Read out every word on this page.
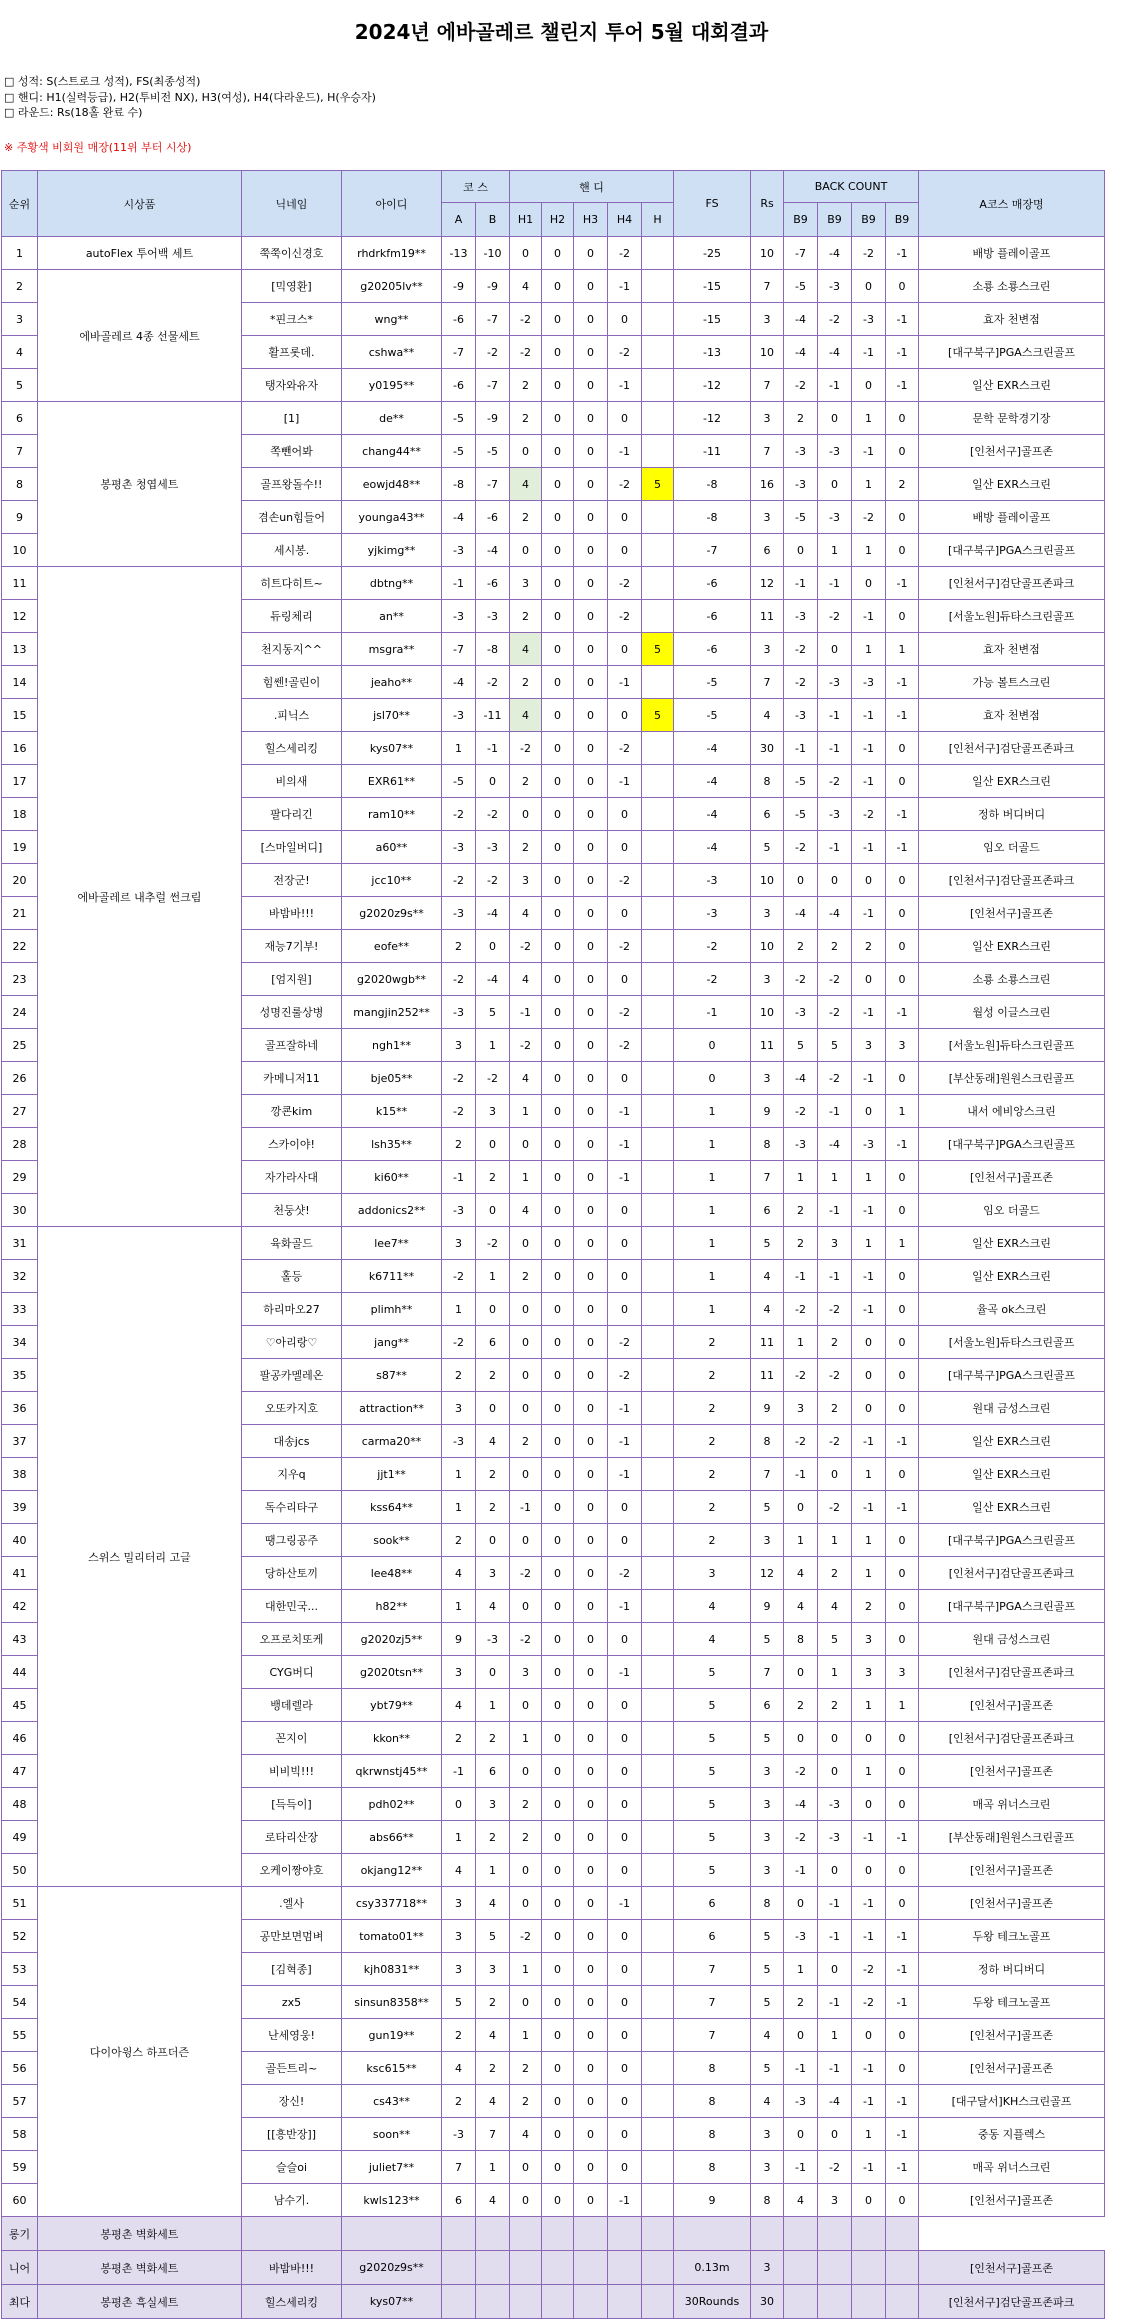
2024년 에바골레르 챌린지 투어 5월 대회결과
□ 성적: S(스트로크 성적), FS(최종성적)
□ 핸디: H1(실력등급), H2(투비전 NX), H3(여성), H4(다라운드), H(우승자)
□ 라운드: Rs(18홀 완료 수)
※ 주황색 비회원 매장(11위 부터 시상)
순위	시상품	닉네임	아이디	코 스		핸 디					FS	Rs	BACK COUNT				A코스 매장명
				A	B	H1	H2	H3	H4	H			B9	B9	B9	B9	
1	autoFlex 투어백 세트	쭉쭉이신경호	rhdrkfm19**	-13	-10	0	0	0	-2		-25	10	-7	-4	-2	-1	배방 플레이골프
2	에바골레르 4종 선물세트	[믹영환]	g20205lv**	-9	-9	4	0	0	-1		-15	7	-5	-3	0	0	소룡 소룡스크린
3		*핀크스*	wng**	-6	-7	-2	0	0	0		-15	3	-4	-2	-3	-1	효자 천변점
4		활프롯데.	cshwa**	-7	-2	-2	0	0	-2		-13	10	-4	-4	-1	-1	[대구북구]PGA스크린골프
5		탱자와유자	y0195**	-6	-7	2	0	0	-1		-12	7	-2	-1	0	-1	일산 EXR스크린
6	봉평촌 청엽세트	[1]	de**	-5	-9	2	0	0	0		-12	3	2	0	1	0	문학 문학경기장
7		쪽뺀어봐	chang44**	-5	-5	0	0	0	-1		-11	7	-3	-3	-1	0	[인천서구]골프존
8		골프왕돌수!!	eowjd48**	-8	-7	4	0	0	-2	5	-8	16	-3	0	1	2	일산 EXR스크린
9		겸손un힘들어	younga43**	-4	-6	2	0	0	0		-8	3	-5	-3	-2	0	배방 플레이골프
10		세시봉.	yjkimg**	-3	-4	0	0	0	0		-7	6	0	1	1	0	[대구북구]PGA스크린골프
11	에바골레르 내추럴 썬크림	히트다히트~	dbtng**	-1	-6	3	0	0	-2		-6	12	-1	-1	0	-1	[인천서구]검단골프존파크
12		듀링체리	an**	-3	-3	2	0	0	-2		-6	11	-3	-2	-1	0	[서울노원]듀타스크린골프
13		천지동지^^	msgra**	-7	-8	4	0	0	0	5	-6	3	-2	0	1	1	효자 천변점
14		힘쎈!골린이	jeaho**	-4	-2	2	0	0	-1		-5	7	-2	-3	-3	-1	가능 볼트스크린
15		.피닉스	jsl70**	-3	-11	4	0	0	0	5	-5	4	-3	-1	-1	-1	효자 천변점
16		힐스세리킹	kys07**	1	-1	-2	0	0	-2		-4	30	-1	-1	-1	0	[인천서구]검단골프존파크
17		비의새	EXR61**	-5	0	2	0	0	-1		-4	8	-5	-2	-1	0	일산 EXR스크린
18		팔다리긴	ram10**	-2	-2	0	0	0	0		-4	6	-5	-3	-2	-1	정하 버디버디
19		[스마일버디]	a60**	-3	-3	2	0	0	0		-4	5	-2	-1	-1	-1	임오 더골드
20		전장군!	jcc10**	-2	-2	3	0	0	-2		-3	10	0	0	0	0	[인천서구]검단골프존파크
21		바밤바!!!	g2020z9s**	-3	-4	4	0	0	0		-3	3	-4	-4	-1	0	[인천서구]골프존
22		재능7기부!	eofe**	2	0	-2	0	0	-2		-2	10	2	2	2	0	일산 EXR스크린
23		[엄지원]	g2020wgb**	-2	-4	4	0	0	0		-2	3	-2	-2	0	0	소룡 소룡스크린
24		성명진룰상병	mangjin252**	-3	5	-1	0	0	-2		-1	10	-3	-2	-1	-1	월성 이글스크린
25		골프잘하네	ngh1**	3	1	-2	0	0	-2		0	11	5	5	3	3	[서울노원]듀타스크린골프
26		카메니저11	bje05**	-2	-2	4	0	0	0		0	3	-4	-2	-1	0	[부산동래]원원스크린골프
27		깡쿈kim	k15**	-2	3	1	0	0	-1		1	9	-2	-1	0	1	내서 에비앙스크린
28		스카이야!	lsh35**	2	0	0	0	0	-1		1	8	-3	-4	-3	-1	[대구북구]PGA스크린골프
29		자가라사대	ki60**	-1	2	1	0	0	-1		1	7	1	1	1	0	[인천서구]골프존
30		천둥샷!	addonics2**	-3	0	4	0	0	0		1	6	2	-1	-1	0	임오 더골드
31	스위스 밀리터리 고글	육화골드	lee7**	3	-2	0	0	0	0		1	5	2	3	1	1	일산 EXR스크린
32		홀등	k6711**	-2	1	2	0	0	0		1	4	-1	-1	-1	0	일산 EXR스크린
33		하리마오27	plimh**	1	0	0	0	0	0		1	4	-2	-2	-1	0	율곡 ok스크린
34		♡아리랑♡	jang**	-2	6	0	0	0	-2		2	11	1	2	0	0	[서울노원]듀타스크린골프
35		팔공카멜레온	s87**	2	2	0	0	0	-2		2	11	-2	-2	0	0	[대구북구]PGA스크린골프
36		오또카지호	attraction**	3	0	0	0	0	-1		2	9	3	2	0	0	원대 금성스크린
37		대송jcs	carma20**	-3	4	2	0	0	-1		2	8	-2	-2	-1	-1	일산 EXR스크린
38		지우q	jjt1**	1	2	0	0	0	-1		2	7	-1	0	1	0	일산 EXR스크린
39		독수리타구	kss64**	1	2	-1	0	0	0		2	5	0	-2	-1	-1	일산 EXR스크린
40		땡그링공주	sook**	2	0	0	0	0	0		2	3	1	1	1	0	[대구북구]PGA스크린골프
41		당하산토끼	lee48**	4	3	-2	0	0	-2		3	12	4	2	1	0	[인천서구]검단골프존파크
42		대한민국...	h82**	1	4	0	0	0	-1		4	9	4	4	2	0	[대구북구]PGA스크린골프
43		오프로치또케	g2020zj5**	9	-3	-2	0	0	0		4	5	8	5	3	0	원대 금성스크린
44		CYG버디	g2020tsn**	3	0	3	0	0	-1		5	7	0	1	3	3	[인천서구]검단골프존파크
45		뱅데렐라	ybt79**	4	1	0	0	0	0		5	6	2	2	1	1	[인천서구]골프존
46		꼰지이	kkon**	2	2	1	0	0	0		5	5	0	0	0	0	[인천서구]검단골프존파크
47		비비빅!!!	qkrwnstj45**	-1	6	0	0	0	0		5	3	-2	0	1	0	[인천서구]골프존
48		[득득이]	pdh02**	0	3	2	0	0	0		5	3	-4	-3	0	0	매곡 위너스크린
49		로타리산장	abs66**	1	2	2	0	0	0		5	3	-2	-3	-1	-1	[부산동래]원원스크린골프
50		오케이짱야호	okjang12**	4	1	0	0	0	0		5	3	-1	0	0	0	[인천서구]골프존
51	다이아윙스 하프더즌	.엘사	csy337718**	3	4	0	0	0	-1		6	8	0	-1	-1	0	[인천서구]골프존
52		공만보면멈벼	tomato01**	3	5	-2	0	0	0		6	5	-3	-1	-1	-1	두왕 테크노골프
53		[김혁종]	kjh0831**	3	3	1	0	0	0		7	5	1	0	-2	-1	정하 버디버디
54		zx5	sinsun8358**	5	2	0	0	0	0		7	5	2	-1	-2	-1	두왕 테크노골프
55		난세영웅!	gun19**	2	4	1	0	0	0		7	4	0	1	0	0	[인천서구]골프존
56		골든트리~	ksc615**	4	2	2	0	0	0		8	5	-1	-1	-1	0	[인천서구]골프존
57		장신!	cs43**	2	4	2	0	0	0		8	4	-3	-4	-1	-1	[대구달서]KH스크린골프
58		[[흥반장]]	soon**	-3	7	4	0	0	0		8	3	0	0	1	-1	중동 지플렉스
59		슬슬oi	juliet7**	7	1	0	0	0	0		8	3	-1	-2	-1	-1	매곡 위너스크린
60		남수기.	kwls123**	6	4	0	0	0	-1		9	8	4	3	0	0	[인천서구]골프존
롱기	봉평촌 벽화세트																
니어	봉평촌 벽화세트	바밤바!!!	g2020z9s**								0.13m	3					[인천서구]골프존
최다	봉평촌 흑실세트	힐스세리킹	kys07**								30Rounds	30					[인천서구]검단골프존파크
